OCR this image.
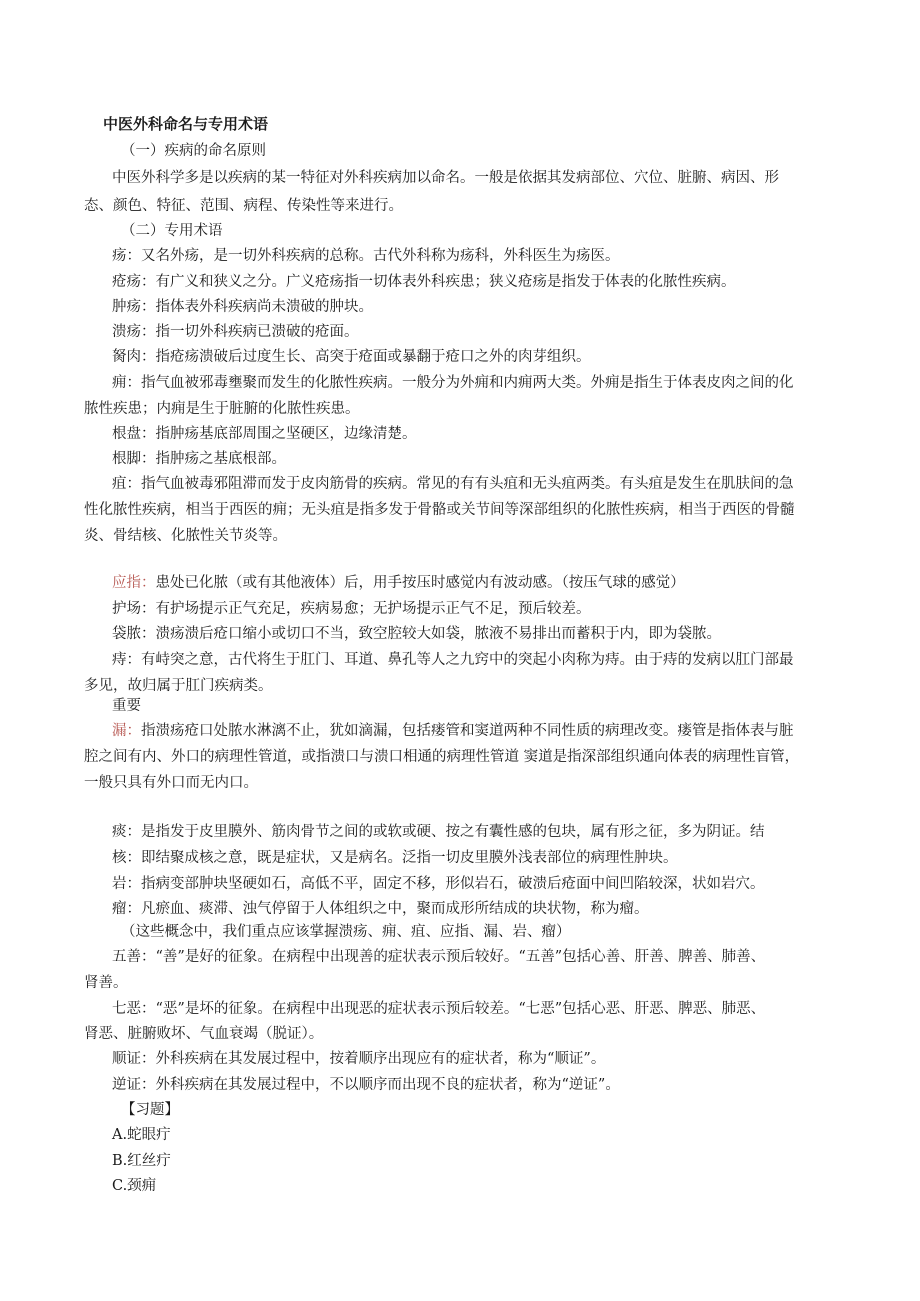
中医外科命名与专用术语
（一）疾病的命名原则
中医外科学多是以疾病的某一特征对外科疾病加以命名。一般是依据其发病部位、穴位、脏腑、病因、形
态、颜色、特征、范围、病程、传染性等来进行。
（二）专用术语
疡：又名外疡，是一切外科疾病的总称。古代外科称为疡科，外科医生为疡医。
疮疡：有广义和狭义之分。广义疮疡指一切体表外科疾患；狭义疮疡是指发于体表的化脓性疾病。
肿疡：指体表外科疾病尚未溃破的肿块。
溃疡：指一切外科疾病已溃破的疮面。
胬肉：指疮疡溃破后过度生长、高突于疮面或暴翻于疮口之外的肉芽组织。
痈：指气血被邪毒壅聚而发生的化脓性疾病。一般分为外痈和内痈两大类。外痈是指生于体表皮肉之间的化
脓性疾患；内痈是生于脏腑的化脓性疾患。
根盘：指肿疡基底部周围之坚硬区，边缘清楚。
根脚：指肿疡之基底根部。
疽：指气血被毒邪阻滞而发于皮肉筋骨的疾病。常见的有有头疽和无头疽两类。有头疽是发生在肌肤间的急
性化脓性疾病，相当于西医的痈；无头疽是指多发于骨骼或关节间等深部组织的化脓性疾病，相当于西医的骨髓
炎、骨结核、化脓性关节炎等。
应指：患处已化脓（或有其他液体）后，用手按压时感觉内有波动感。（按压气球的感觉）
护场：有护场提示正气充足，疾病易愈；无护场提示正气不足，预后较差。
袋脓：溃疡溃后疮口缩小或切口不当，致空腔较大如袋，脓液不易排出而蓄积于内，即为袋脓。
痔：有峙突之意，古代将生于肛门、耳道、鼻孔等人之九窍中的突起小肉称为痔。由于痔的发病以肛门部最
多见，故归属于肛门疾病类。
重要
漏：指溃疡疮口处脓水淋漓不止，犹如滴漏，包括瘘管和窦道两种不同性质的病理改变。瘘管是指体表与脏
腔之间有内、外口的病理性管道，或指溃口与溃口相通的病理性管道 窦道是指深部组织通向体表的病理性盲管，
一般只具有外口而无内口。
痰：是指发于皮里膜外、筋肉骨节之间的或软或硬、按之有囊性感的包块，属有形之征，多为阴证。结
核：即结聚成核之意，既是症状，又是病名。泛指一切皮里膜外浅表部位的病理性肿块。
岩：指病变部肿块坚硬如石，高低不平，固定不移，形似岩石，破溃后疮面中间凹陷较深，状如岩穴。
瘤：凡瘀血、痰滞、浊气停留于人体组织之中，聚而成形所结成的块状物，称为瘤。
（这些概念中，我们重点应该掌握溃疡、痈、疽、应指、漏、岩、瘤）
五善：“善”是好的征象。在病程中出现善的症状表示预后较好。“五善”包括心善、肝善、脾善、肺善、
肾善。
七恶：“恶”是坏的征象。在病程中出现恶的症状表示预后较差。“七恶”包括心恶、肝恶、脾恶、肺恶、
肾恶、脏腑败坏、气血衰竭（脱证）。
顺证：外科疾病在其发展过程中，按着顺序出现应有的症状者，称为“顺证”。
逆证：外科疾病在其发展过程中，不以顺序而出现不良的症状者，称为“逆证”。
【习题】
A.蛇眼疔
B.红丝疔
C.颈痈
